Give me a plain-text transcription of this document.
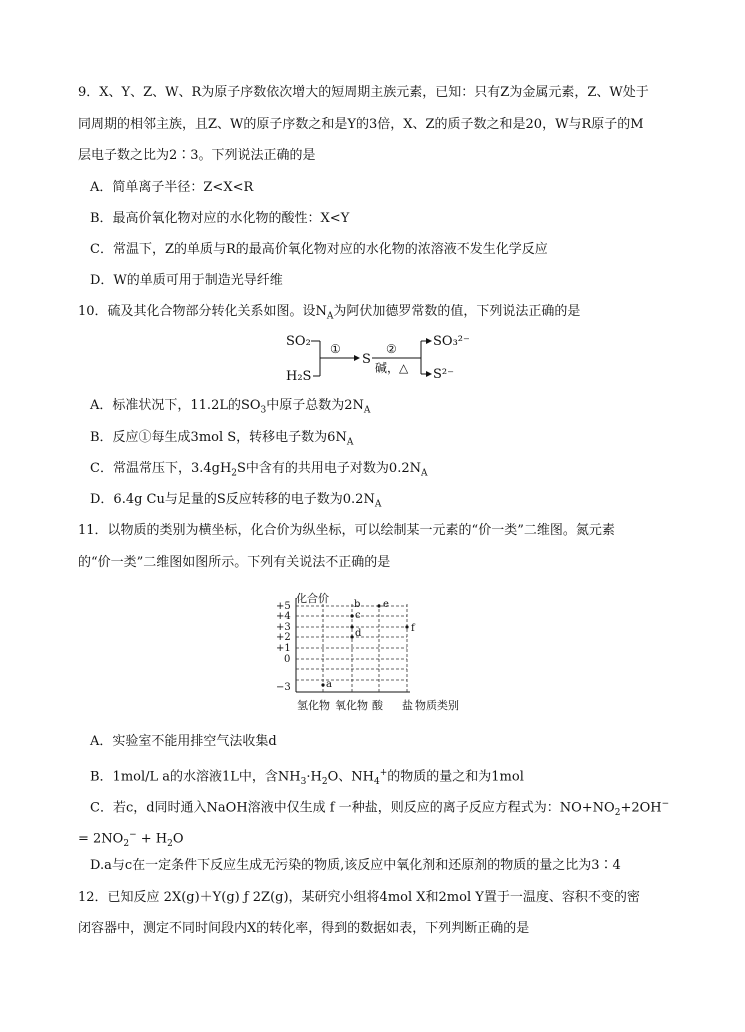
9．X、Y、Z、W、R为原子序数依次增大的短周期主族元素，已知：只有Z为金属元素，Z、W处于
同周期的相邻主族，且Z、W的原子序数之和是Y的3倍，X、Z的质子数之和是20，W与R原子的M
层电子数之比为2∶3。下列说法正确的是
A．简单离子半径：Z<X<R
B．最高价氧化物对应的水化物的酸性：X<Y
C．常温下，Z的单质与R的最高价氧化物对应的水化物的浓溶液不发生化学反应
D．W的单质可用于制造光导纤维
10．硫及其化合物部分转化关系如图。设$N_A$为阿伏加德罗常数的值，下列说法正确的是
SO₂
H₂S
①
S
②
碱，△
SO₃²⁻
S²⁻
A．标准状况下，11.2L的$SO_3$中原子总数为$2N_A$
B．反应①每生成3mol S，转移电子数为$6N_A$
C．常温常压下，$3.4gH_2S$中含有的共用电子对数为$0.2N_A$
D．6.4g Cu与足量的S反应转移的电子数为$0.2N_A$
11．以物质的类别为横坐标，化合价为纵坐标，可以绘制某一元素的“价一类”二维图。氮元素
的“价一类”二维图如图所示。下列有关说法不正确的是
化合价
+5
+4
+3
+2
+1
0
−3	a
b
c
d
e
f
氢化物 氧化物 酸 盐 物质类别
A．实验室不能用排空气法收集d
B．1mol/L a的水溶液1L中，含$NH_3\cdot H_2O$、$NH_4^+$的物质的量之和为1mol
C．若c，d同时通入NaOH溶液中仅生成 f 一种盐，则反应的离子反应方程式为：$NO+NO_2+2OH^-$
= $2NO_2^- + H_2O$
D.a与c在一定条件下反应生成无污染的物质,该反应中氧化剂和还原剂的物质的量之比为3∶4
12．已知反应 2X(g)＋Y(g) ƒ 2Z(g)，某研究小组将4mol X和2mol Y置于一温度、容积不变的密
闭容器中，测定不同时间段内X的转化率，得到的数据如表，下列判断正确的是
